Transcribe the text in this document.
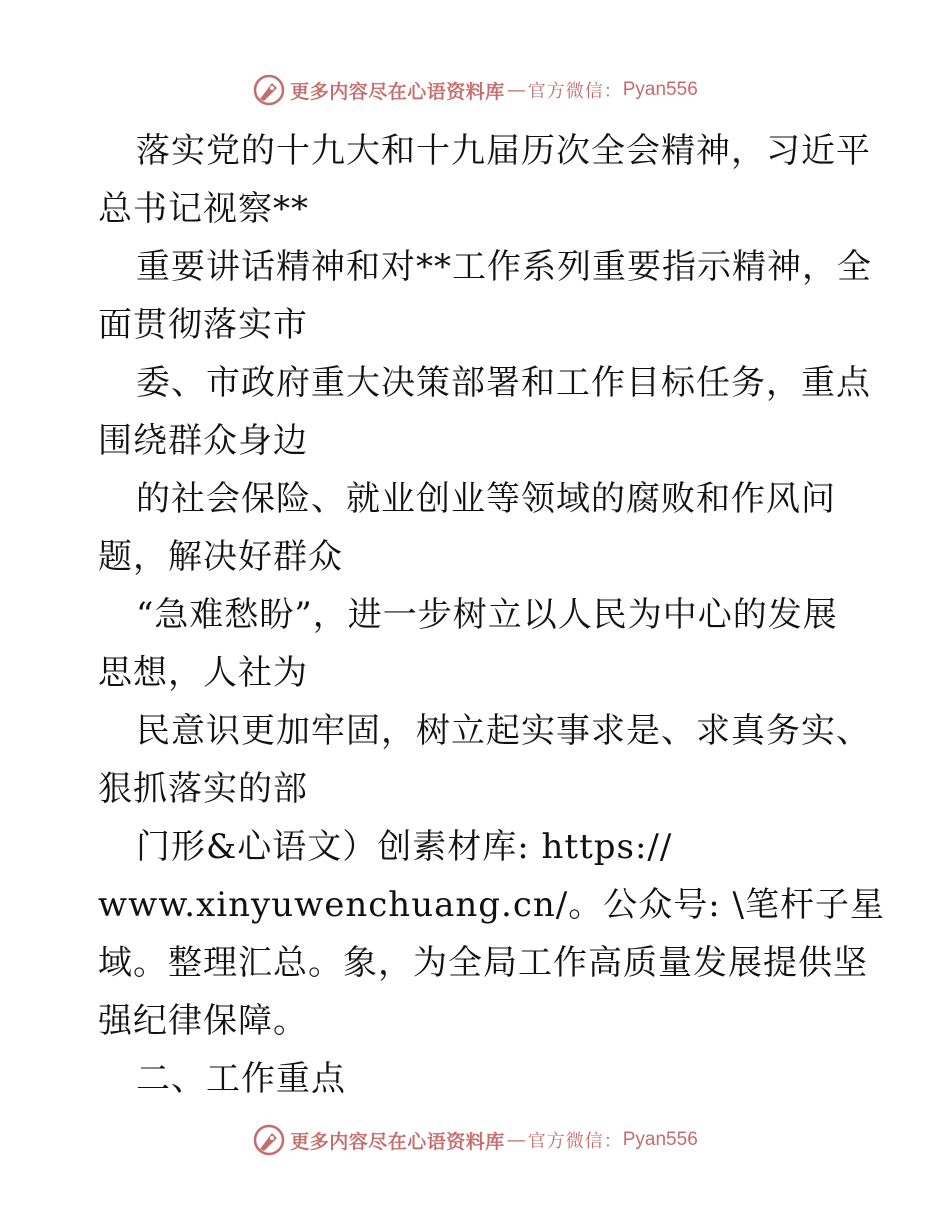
更多内容尽在心语资料库 — 官方微信： Pyan556
落实党的十九大和十九届历次全会精神，习近平
总书记视察**
重要讲话精神和对**工作系列重要指示精神，全
面贯彻落实市
委、市政府重大决策部署和工作目标任务，重点
围绕群众身边
的社会保险、就业创业等领域的腐败和作风问
题，解决好群众
“急难愁盼”，进一步树立以人民为中心的发展
思想，人社为
民意识更加牢固，树立起实事求是、求真务实、
狠抓落实的部
门形&心语文）创素材库: https://
www.xinyuwenchuang.cn/。公众号: \笔杆子星
域。整理汇总。象，为全局工作高质量发展提供坚
强纪律保障。
二、工作重点
更多内容尽在心语资料库 — 官方微信： Pyan556
